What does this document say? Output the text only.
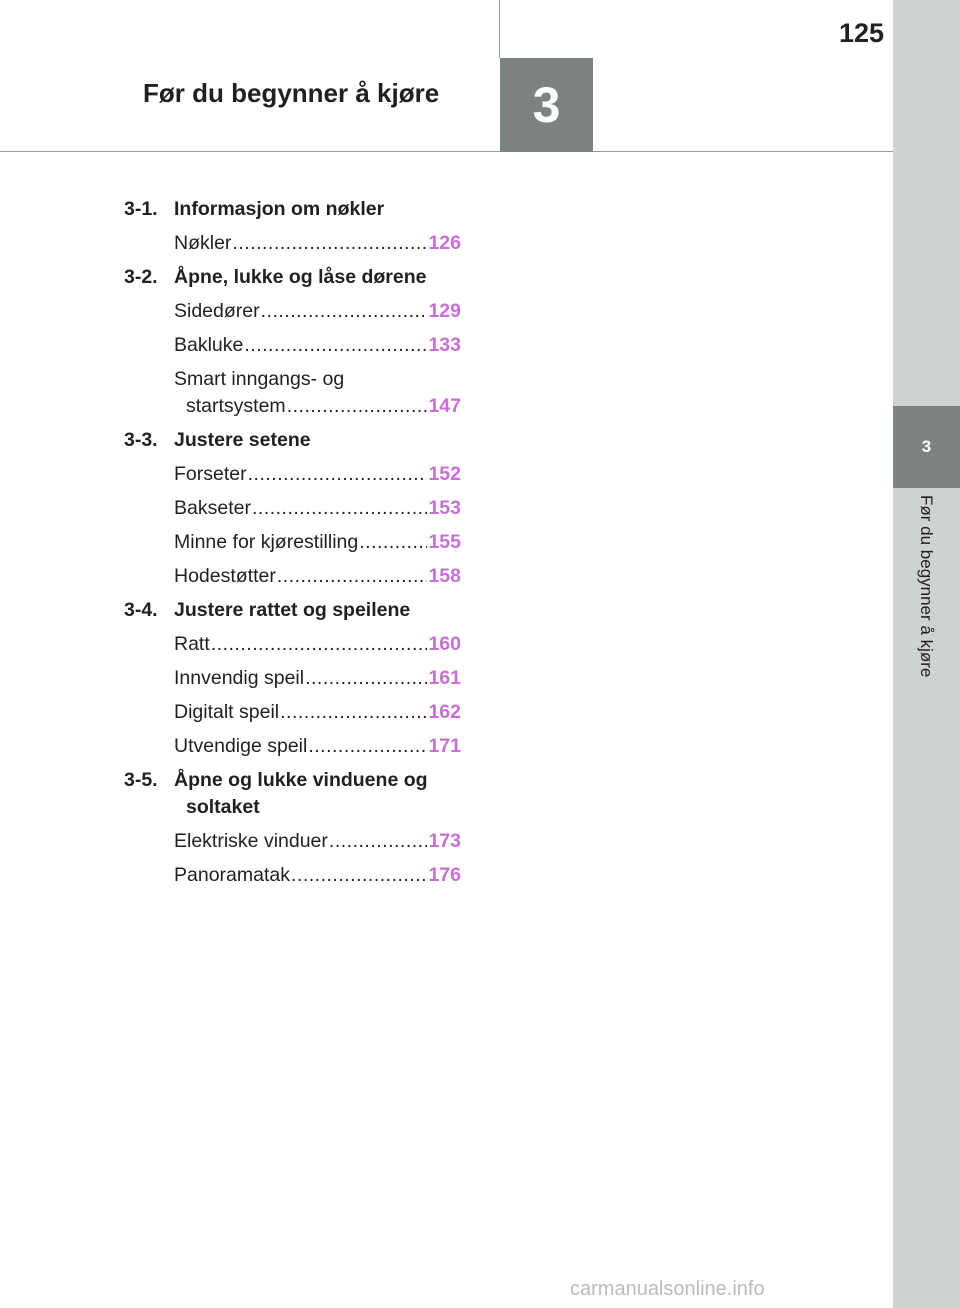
3
Før du begynner å kjøre
3
125
Før du begynner å kjøre
3-1. Informasjon om nøkler
Nøkler .....	126
3-2. Åpne, lukke og låse dørene
Sidedører .....	129
Bakluke .....	133
Smart inngangs- og
startsystem .....	147
3-3. Justere setene
Forseter .....	152
Bakseter .....	153
Minne for kjørestilling .....	155
Hodestøtter .....	158
3-4. Justere rattet og speilene
Ratt .....	160
Innvendig speil .....	161
Digitalt speil .....	162
Utvendige speil .....	171
3-5. Åpne og lukke vinduene og soltaket
Elektriske vinduer .....	173
Panoramatak .....	176
carmanualsonline.info
